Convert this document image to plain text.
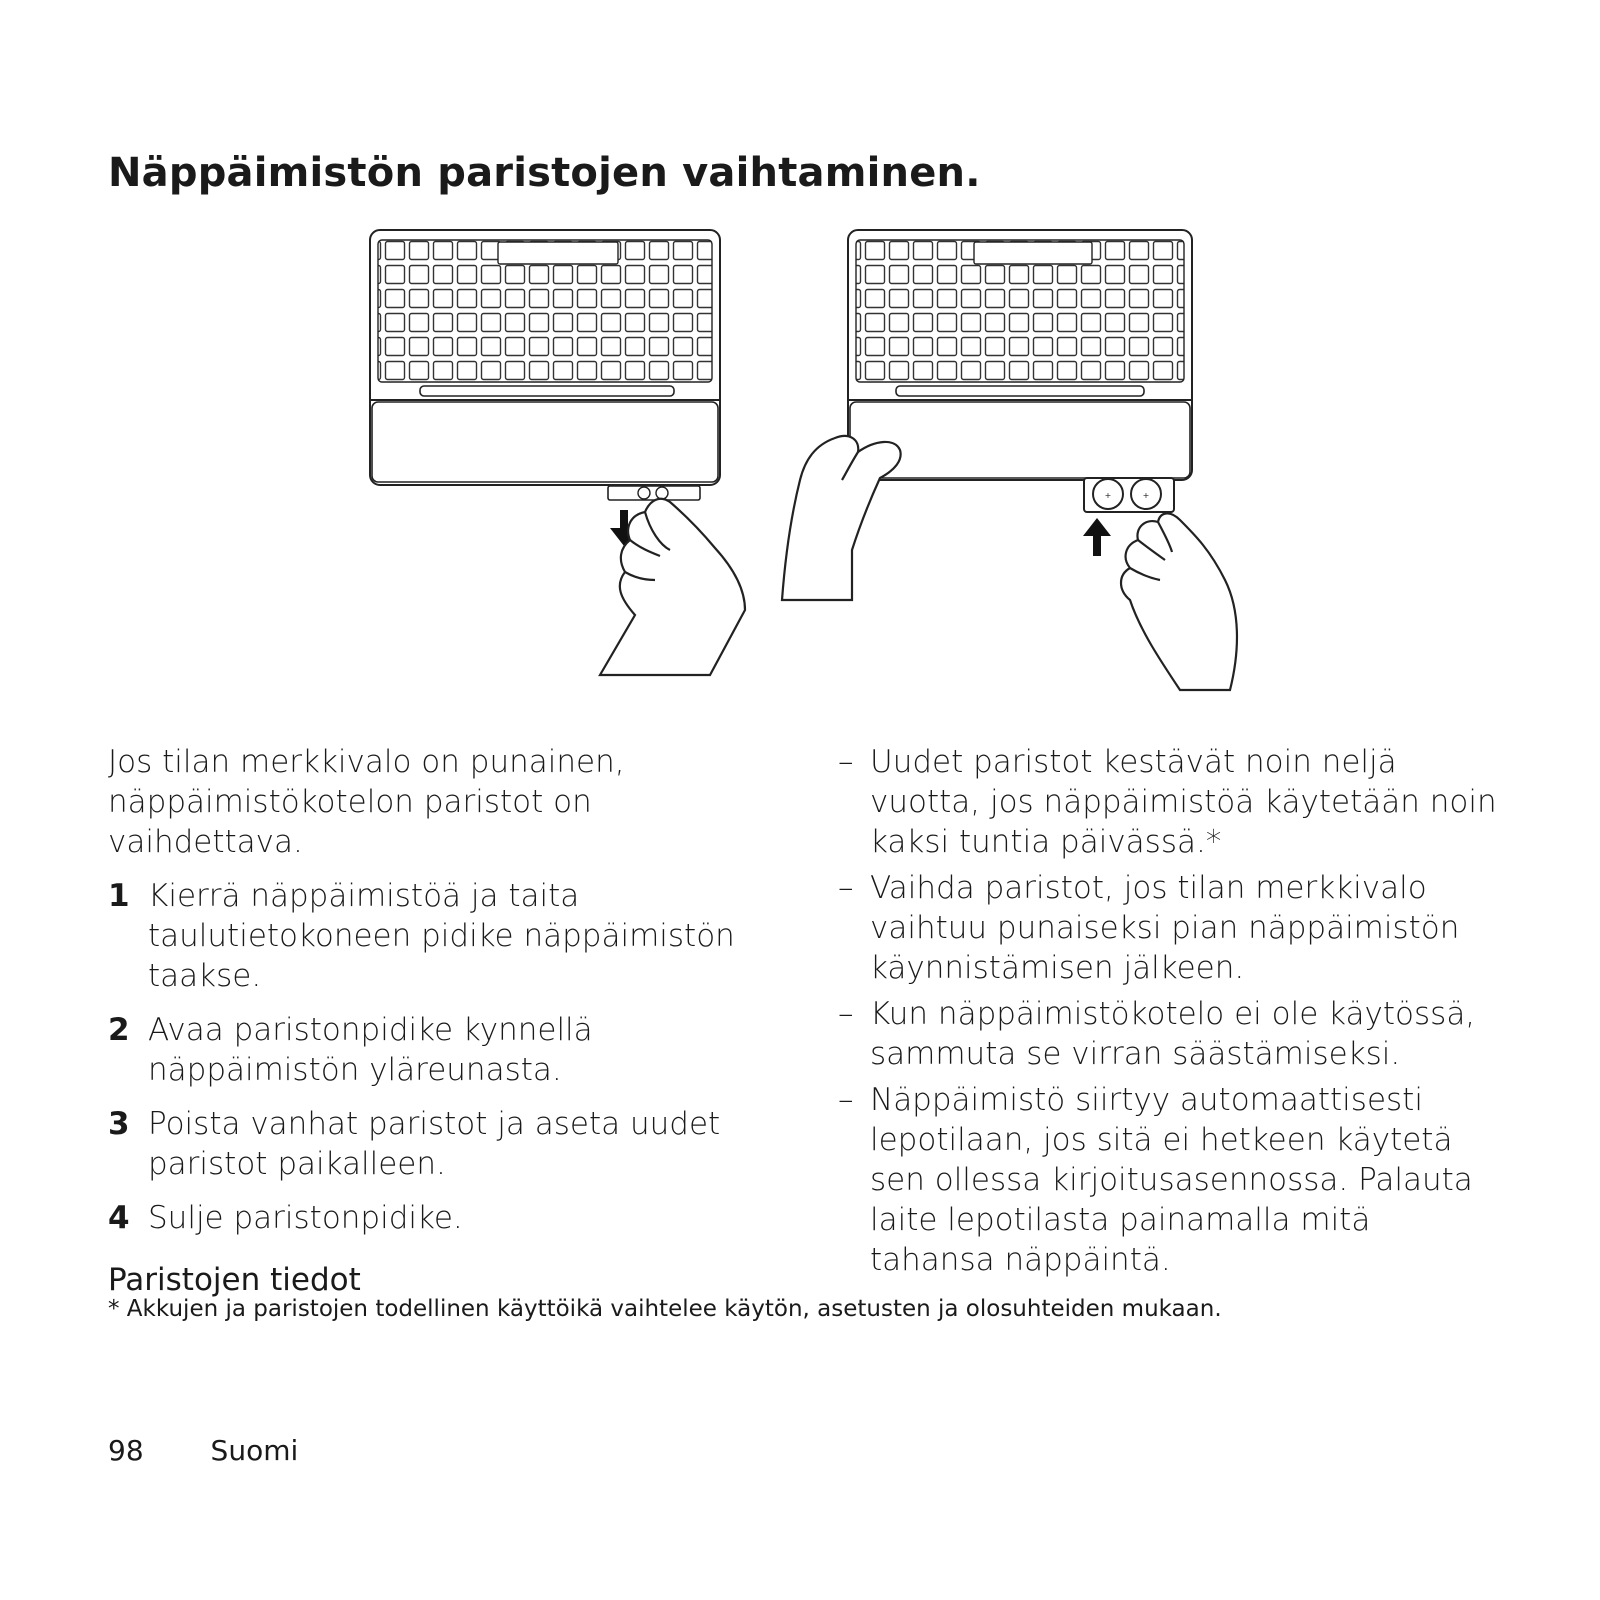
Näppäimistön paristojen vaihtaminen.
+	+

Jos tilan merkkivalo on punainen, näppäimistökotelon paristot on vaihdettava.

1 Kierrä näppäimistöä ja taita taulutietokoneen pidike näppäimistön taakse.
2 Avaa paristonpidike kynnellä näppäimistön yläreunasta.
3 Poista vanhat paristot ja aseta uudet paristot paikalleen.
4 Sulje paristonpidike.
Paristojen tiedot
– Uudet paristot kestävät noin neljä vuotta, jos näppäimistöä käytetään noin kaksi tuntia päivässä.*
– Vaihda paristot, jos tilan merkkivalo vaihtuu punaiseksi pian näppäimistön käynnistämisen jälkeen.
– Kun näppäimistökotelo ei ole käytössä, sammuta se virran säästämiseksi.
– Näppäimistö siirtyy automaattisesti lepotilaan, jos sitä ei hetkeen käytetä sen ollessa kirjoitusasennossa. Palauta laite lepotilasta painamalla mitä tahansa näppäintä.

* Akkujen ja paristojen todellinen käyttöikä vaihtelee käytön, asetusten ja olosuhteiden mukaan.

98 Suomi
